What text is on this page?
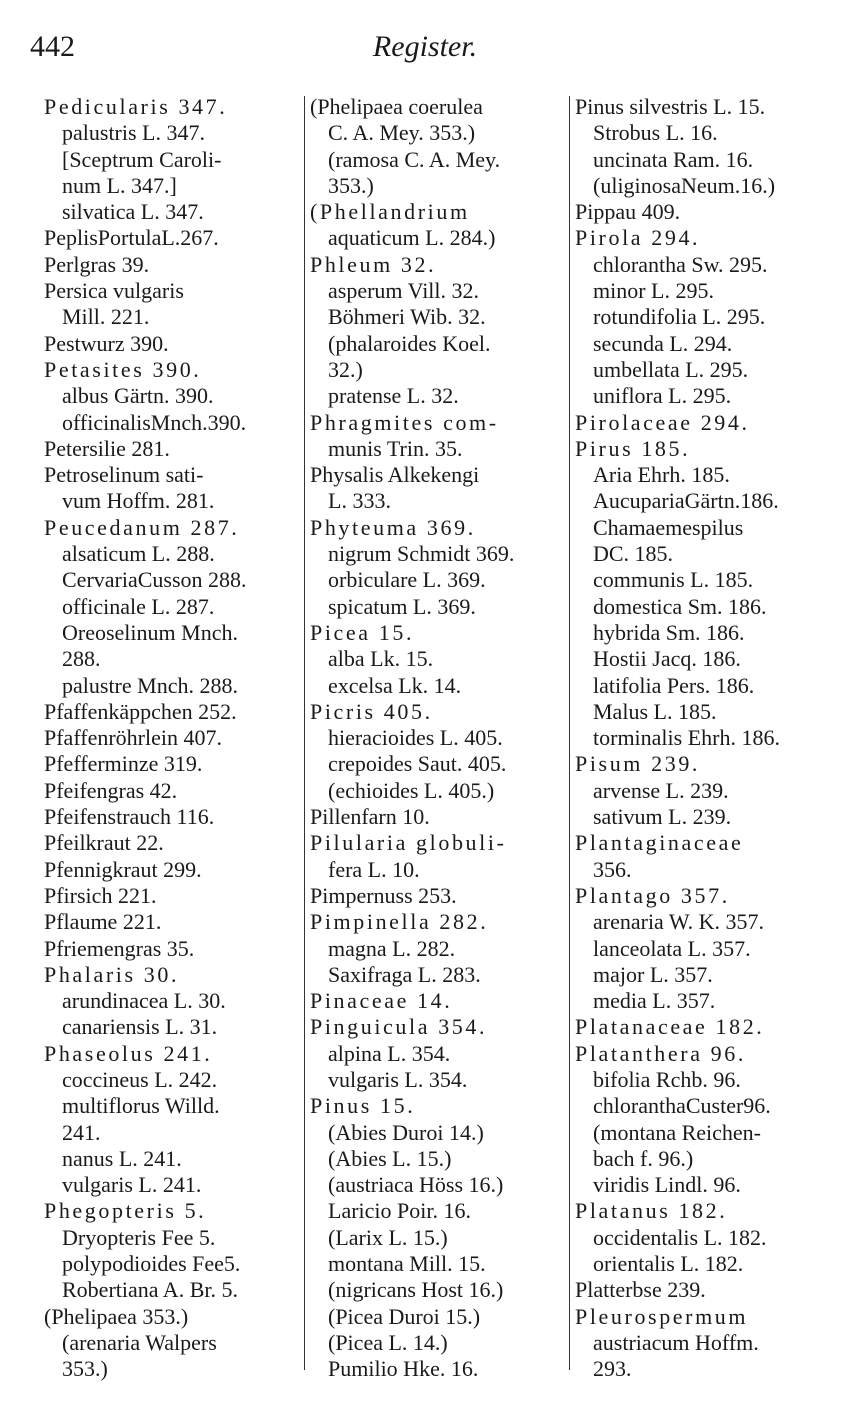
442	Register.
Pedicularis 347.
palustris L. 347.
[Sceptrum Caroli-
num L. 347.]
silvatica L. 347.
PeplisPortulaL.267.
Perlgras 39.
Persica vulgaris
Mill. 221.
Pestwurz 390.
Petasites 390.
albus Gärtn. 390.
officinalisMnch.390.
Petersilie 281.
Petroselinum sati-
vum Hoffm. 281.
Peucedanum 287.
alsaticum L. 288.
CervariaCusson 288.
officinale L. 287.
Oreoselinum Mnch.
288.
palustre Mnch. 288.
Pfaffenkäppchen 252.
Pfaffenröhrlein 407.
Pfefferminze 319.
Pfeifengras 42.
Pfeifenstrauch 116.
Pfeilkraut 22.
Pfennigkraut 299.
Pfirsich 221.
Pflaume 221.
Pfriemengras 35.
Phalaris 30.
arundinacea L. 30.
canariensis L. 31.
Phaseolus 241.
coccineus L. 242.
multiflorus Willd.
241.
nanus L. 241.
vulgaris L. 241.
Phegopteris 5.
Dryopteris Fee 5.
polypodioides Fee5.
Robertiana A. Br. 5.
(Phelipaea 353.)
(arenaria Walpers
353.)
(Phelipaea coerulea
C. A. Mey. 353.)
(ramosa C. A. Mey.
353.)
(Phellandrium
aquaticum L. 284.)
Phleum 32.
asperum Vill. 32.
Böhmeri Wib. 32.
(phalaroides Koel.
32.)
pratense L. 32.
Phragmites com-
munis Trin. 35.
Physalis Alkekengi
L. 333.
Phyteuma 369.
nigrum Schmidt 369.
orbiculare L. 369.
spicatum L. 369.
Picea 15.
alba Lk. 15.
excelsa Lk. 14.
Picris 405.
hieracioides L. 405.
crepoides Saut. 405.
(echioides L. 405.)
Pillenfarn 10.
Pilularia globuli-
fera L. 10.
Pimpernuss 253.
Pimpinella 282.
magna L. 282.
Saxifraga L. 283.
Pinaceae 14.
Pinguicula 354.
alpina L. 354.
vulgaris L. 354.
Pinus 15.
(Abies Duroi 14.)
(Abies L. 15.)
(austriaca Höss 16.)
Laricio Poir. 16.
(Larix L. 15.)
montana Mill. 15.
(nigricans Host 16.)
(Picea Duroi 15.)
(Picea L. 14.)
Pumilio Hke. 16.
Pinus silvestris L. 15.
Strobus L. 16.
uncinata Ram. 16.
(uliginosaNeum.16.)
Pippau 409.
Pirola 294.
chlorantha Sw. 295.
minor L. 295.
rotundifolia L. 295.
secunda L. 294.
umbellata L. 295.
uniflora L. 295.
Pirolaceae 294.
Pirus 185.
Aria Ehrh. 185.
AucupariaGärtn.186.
Chamaemespilus
DC. 185.
communis L. 185.
domestica Sm. 186.
hybrida Sm. 186.
Hostii Jacq. 186.
latifolia Pers. 186.
Malus L. 185.
torminalis Ehrh. 186.
Pisum 239.
arvense L. 239.
sativum L. 239.
Plantaginaceae
356.
Plantago 357.
arenaria W. K. 357.
lanceolata L. 357.
major L. 357.
media L. 357.
Platanaceae 182.
Platanthera 96.
bifolia Rchb. 96.
chloranthaCuster96.
(montana Reichen-
bach f. 96.)
viridis Lindl. 96.
Platanus 182.
occidentalis L. 182.
orientalis L. 182.
Platterbse 239.
Pleurospermum
austriacum Hoffm.
293.
